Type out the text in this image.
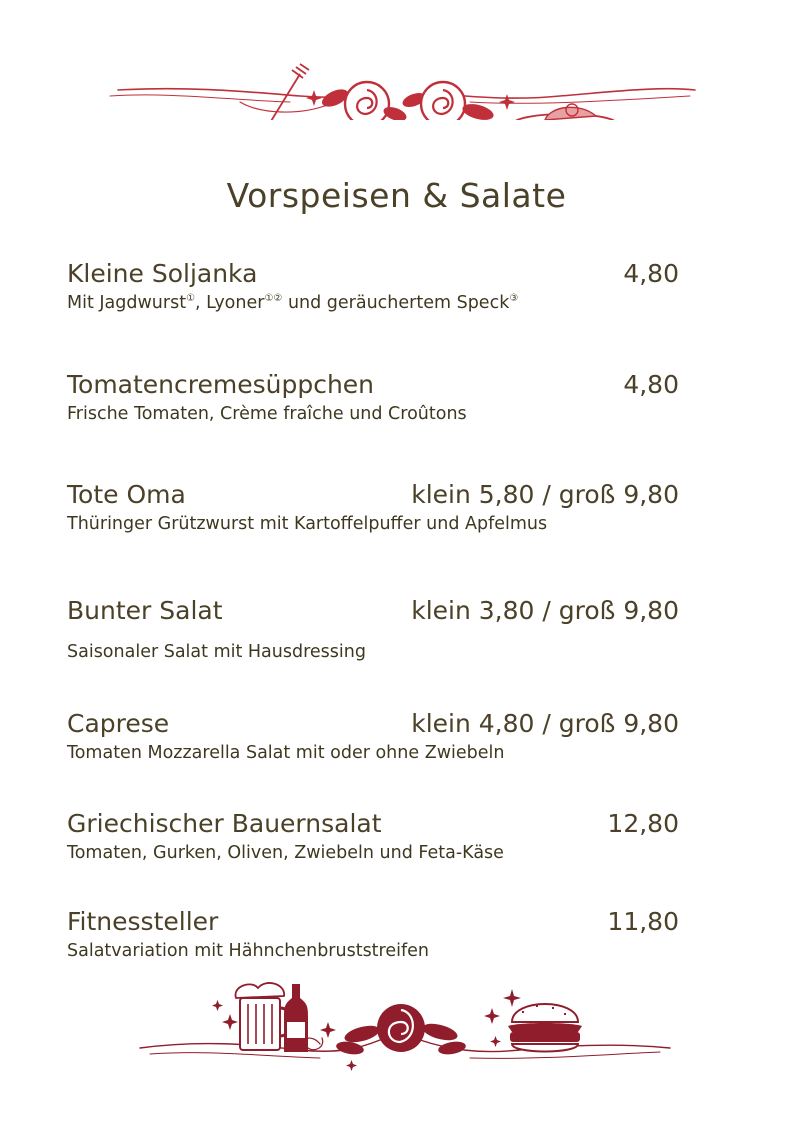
Vorspeisen & Salate
Kleine Soljanka	4,80
Mit Jagdwurst①, Lyoner①② und geräuchertem Speck③
Tomatencremesüppchen	4,80
Frische Tomaten, Crème fraîche und Croûtons
Tote Oma	klein 5,80 / groß 9,80
Thüringer Grützwurst mit Kartoffelpuffer und Apfelmus
Bunter Salat	klein 3,80 / groß 9,80
Saisonaler Salat mit Hausdressing
Caprese	klein 4,80 / groß 9,80
Tomaten Mozzarella Salat mit oder ohne Zwiebeln
Griechischer Bauernsalat	12,80
Tomaten, Gurken, Oliven, Zwiebeln und Feta-Käse
Fitnessteller	11,80
Salatvariation mit Hähnchenbruststreifen
